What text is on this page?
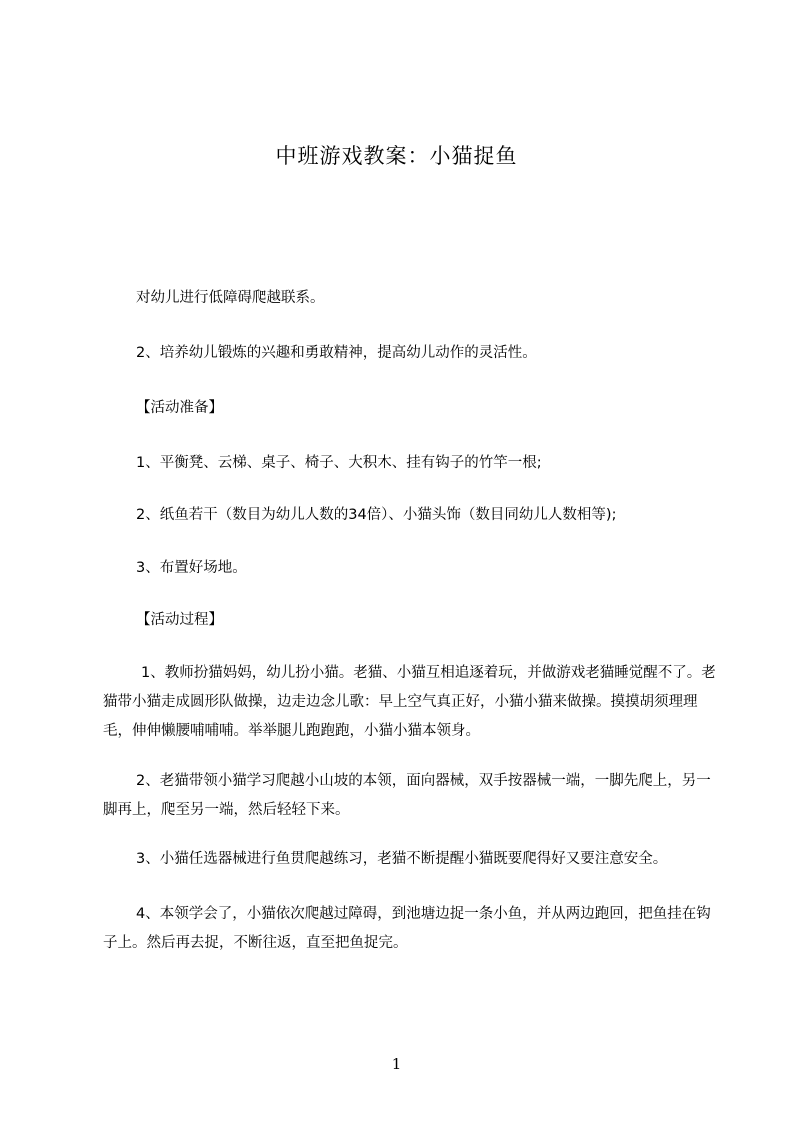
中班游戏教案：小猫捉鱼

对幼儿进行低障碍爬越联系。

2、培养幼儿锻炼的兴趣和勇敢精神，提高幼儿动作的灵活性。

【活动准备】

1、平衡凳、云梯、桌子、椅子、大积木、挂有钩子的竹竿一根;

2、纸鱼若干（数目为幼儿人数的34倍）、小猫头饰（数目同幼儿人数相等);

3、布置好场地。

【活动过程】

1、教师扮猫妈妈，幼儿扮小猫。老猫、小猫互相追逐着玩，并做游戏老猫睡觉醒不了。老猫带小猫走成圆形队做操，边走边念儿歌：早上空气真正好，小猫小猫来做操。摸摸胡须理理毛，伸伸懒腰哺哺哺。举举腿儿跑跑跑，小猫小猫本领身。

2、老猫带领小猫学习爬越小山坡的本领，面向器械，双手按器械一端，一脚先爬上，另一脚再上，爬至另一端，然后轻轻下来。

3、小猫任选器械进行鱼贯爬越练习，老猫不断提醒小猫既要爬得好又要注意安全。

4、本领学会了，小猫依次爬越过障碍，到池塘边捉一条小鱼，并从两边跑回，把鱼挂在钩子上。然后再去捉，不断往返，直至把鱼捉完。

1
